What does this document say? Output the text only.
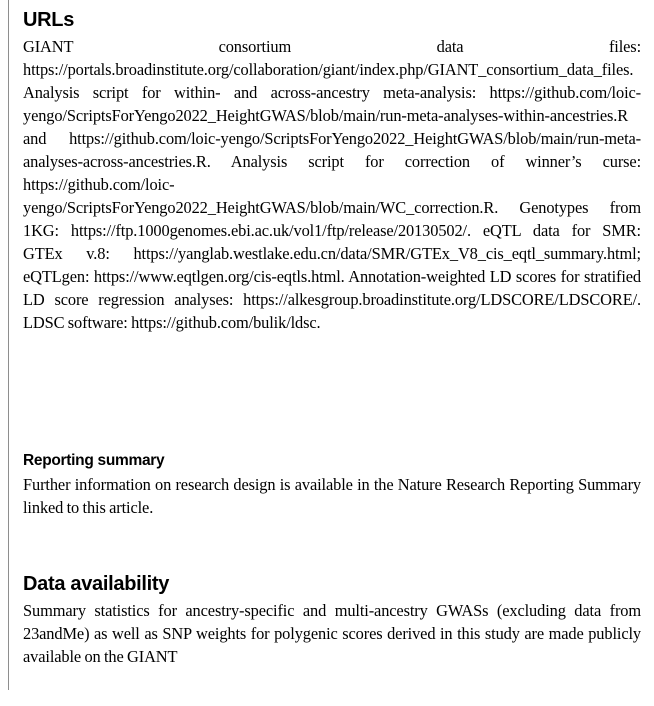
URLs

GIANT consortium data files: https://portals.broadinstitute.org/collaboration/giant/index.php/GIANT_consortium_data_files. Analysis script for within- and across-ancestry meta-analysis: https://github.com/loic-yengo/ScriptsForYengo2022_HeightGWAS/blob/main/run-meta-analyses-within-ancestries.R and https://github.com/loic-yengo/ScriptsForYengo2022_HeightGWAS/blob/main/run-meta-analyses-across-ancestries.R. Analysis script for correction of winner’s curse: https://github.com/loic-yengo/ScriptsForYengo2022_HeightGWAS/blob/main/WC_correction.R. Genotypes from 1KG: https://ftp.1000genomes.ebi.ac.uk/vol1/ftp/release/20130502/. eQTL data for SMR: GTEx v.8: https://yanglab.westlake.edu.cn/data/SMR/GTEx_V8_cis_eqtl_summary.html; eQTLgen: https://www.eqtlgen.org/cis-eqtls.html. Annotation-weighted LD scores for stratified LD score regression analyses: https://alkesgroup.broadinstitute.org/LDSCORE/LDSCORE/. LDSC software: https://github.com/bulik/ldsc.

Reporting summary

Further information on research design is available in the Nature Research Reporting Summary linked to this article.

Data availability

Summary statistics for ancestry-specific and multi-ancestry GWASs (excluding data from 23andMe) as well as SNP weights for polygenic scores derived in this study are made publicly available on the GIANT
